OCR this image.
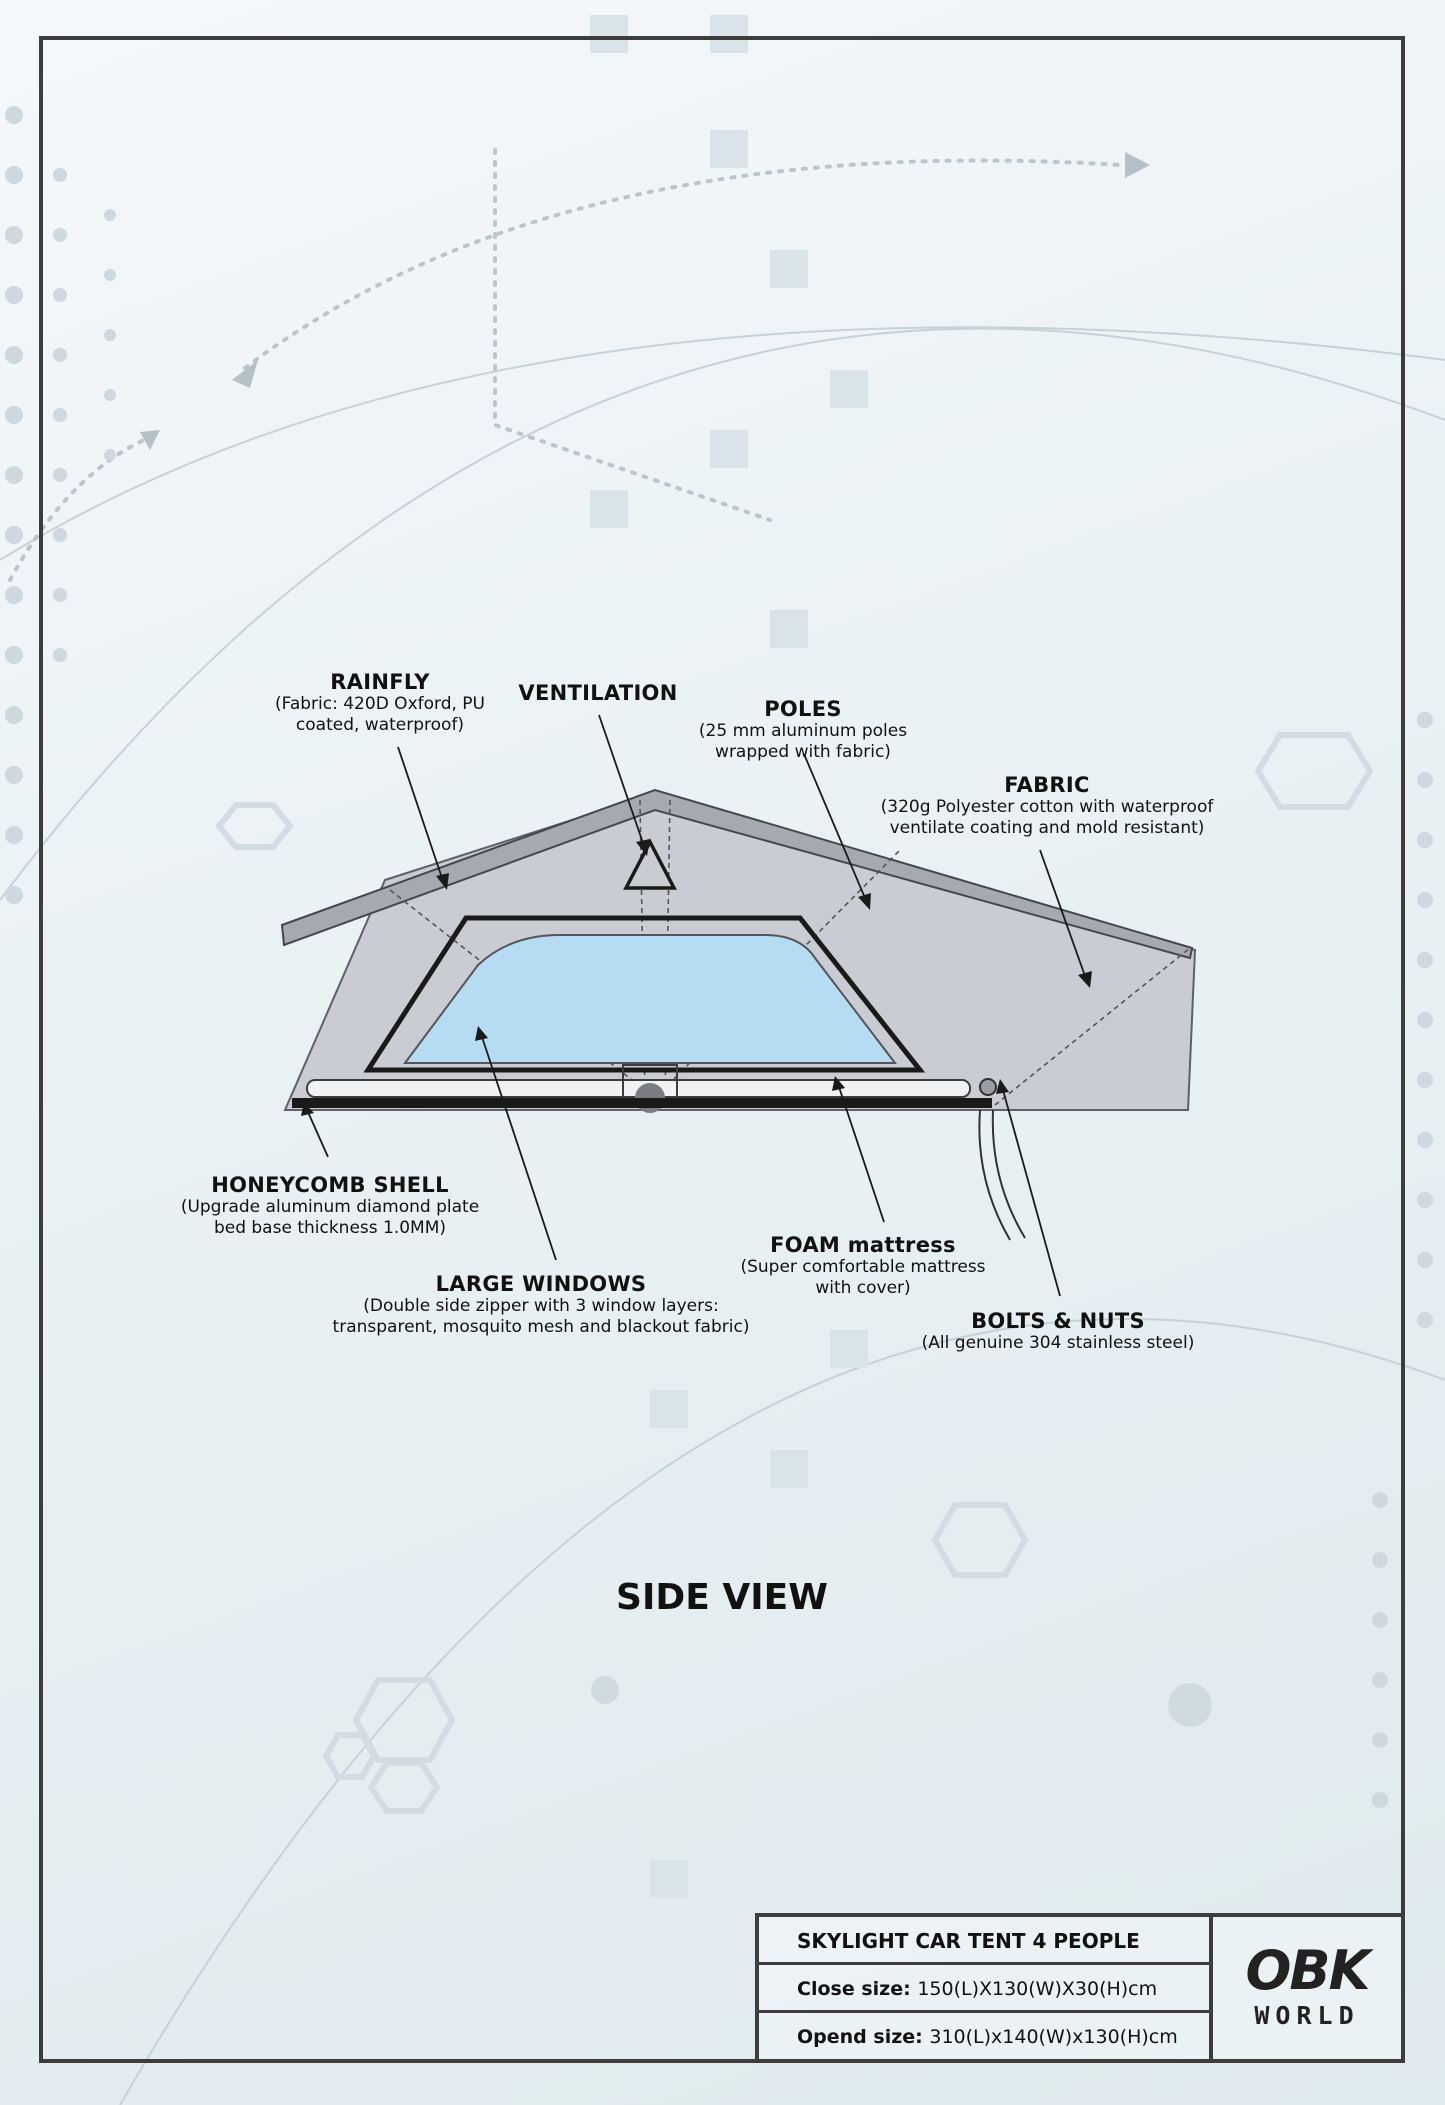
RAINFLY
(Fabric: 420D Oxford, PU
coated, waterproof)
VENTILATION
POLES
(25 mm aluminum poles
wrapped with fabric)
FABRIC
(320g Polyester cotton with waterproof
ventilate coating and mold resistant)
HONEYCOMB SHELL
(Upgrade aluminum diamond plate
bed base thickness 1.0MM)
FOAM mattress
(Super comfortable mattress
with cover)
LARGE WINDOWS
(Double side zipper with 3 window layers:
transparent, mosquito mesh and blackout fabric)	BOLTS & NUTS
(All genuine 304 stainless steel)
SIDE VIEW
SKYLIGHT CAR TENT 4 PEOPLE
Close size: 150(L)X130(W)X30(H)cm
Opend size: 310(L)x140(W)x130(H)cm
OBK
WORLD
